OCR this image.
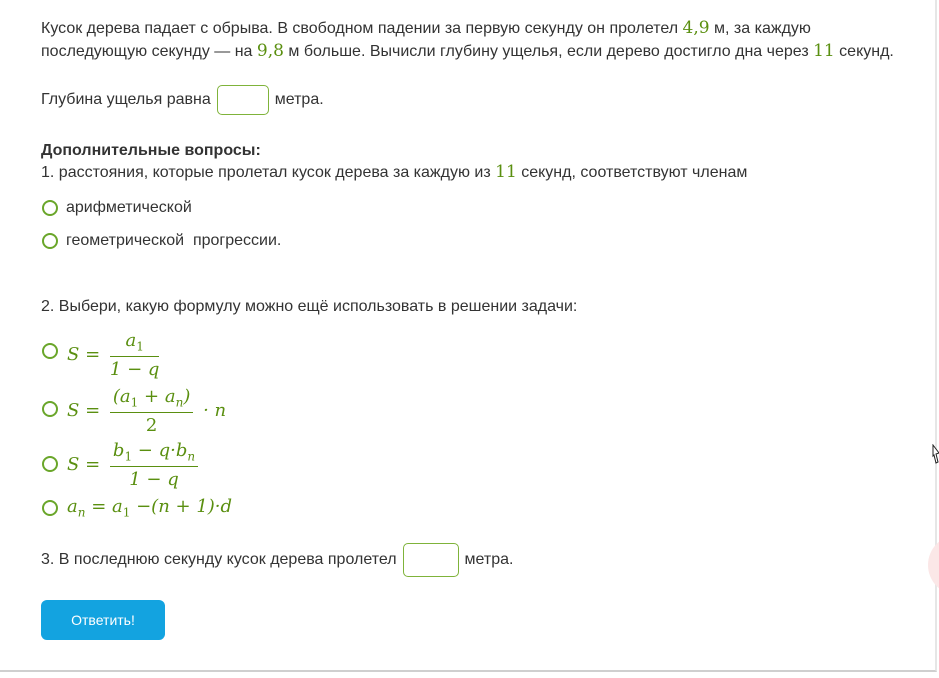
Кусок дерева падает с обрыва. В свободном падении за первую секунду он пролетел 4,9 м, за каждую
последующую секунду — на 9,8 м больше. Вычисли глубину ущелья, если дерево достигло дна через 11 секунд.
Глубина ущелья равна	метра.
Дополнительные вопросы:
1. расстояния, которые пролетал кусок дерева за каждую из 11 секунд, соответствуют членам
арифметической
геометрической  прогрессии.
2. Выбери, какую формулу можно ещё использовать в решении задачи:
$S = \frac{a_1}{1 - q}$
$S = \frac{(a_1 + a_n)}{2} \cdot n$
$S = \frac{b_1 - q\cdot b_n}{1 - q}$
$a_n = a_1 -(n + 1)\cdot d$
3. В последнюю секунду кусок дерева пролетел	метра.
Ответить!
